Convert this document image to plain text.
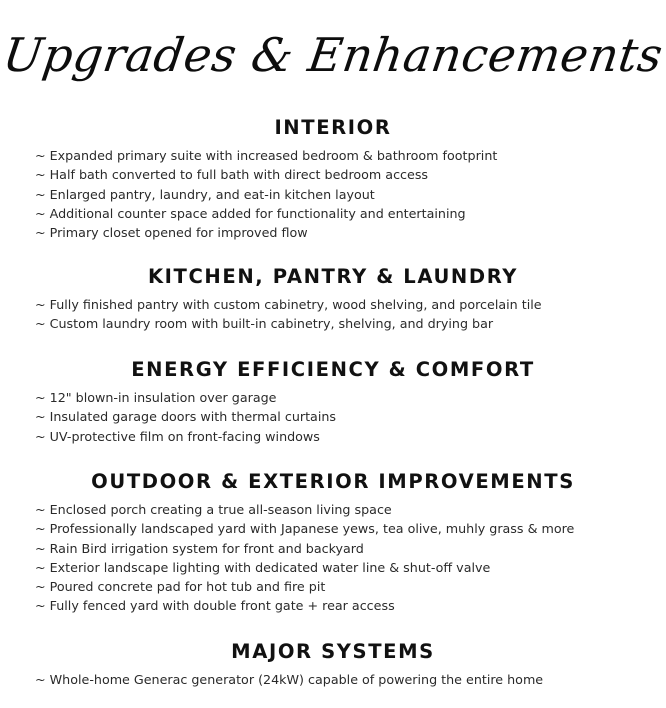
Upgrades & Enhancements
INTERIOR
~ Expanded primary suite with increased bedroom & bathroom footprint
~ Half bath converted to full bath with direct bedroom access
~ Enlarged pantry, laundry, and eat-in kitchen layout
~ Additional counter space added for functionality and entertaining
~ Primary closet opened for improved flow
KITCHEN, PANTRY & LAUNDRY
~ Fully finished pantry with custom cabinetry, wood shelving, and porcelain tile
~ Custom laundry room with built-in cabinetry, shelving, and drying bar
ENERGY EFFICIENCY & COMFORT
~ 12" blown-in insulation over garage
~ Insulated garage doors with thermal curtains
~ UV-protective film on front-facing windows
OUTDOOR & EXTERIOR IMPROVEMENTS
~ Enclosed porch creating a true all-season living space
~ Professionally landscaped yard with Japanese yews, tea olive, muhly grass & more
~ Rain Bird irrigation system for front and backyard
~ Exterior landscape lighting with dedicated water line & shut-off valve
~ Poured concrete pad for hot tub and fire pit
~ Fully fenced yard with double front gate + rear access
MAJOR SYSTEMS
~ Whole-home Generac generator (24kW) capable of powering the entire home
